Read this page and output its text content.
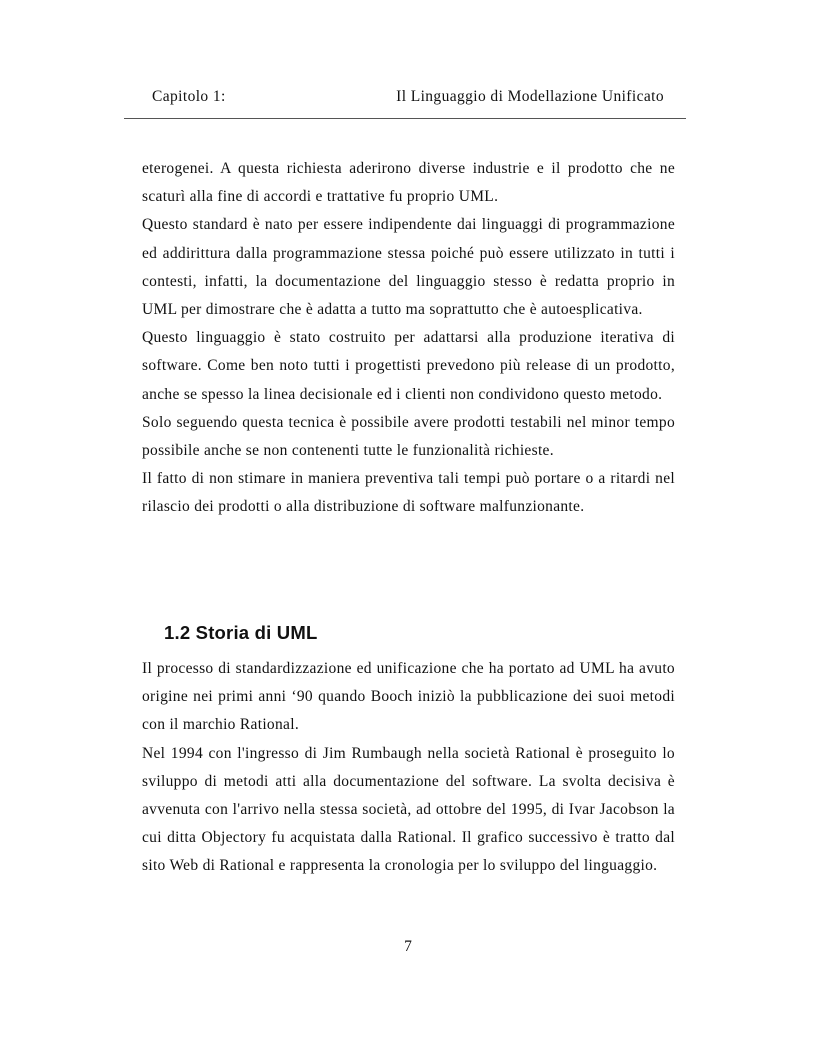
Capitolo 1:	Il Linguaggio di Modellazione Unificato

eterogenei. A questa richiesta aderirono diverse industrie e il prodotto che ne scaturì alla fine di accordi e trattative fu proprio UML.

Questo standard è nato per essere indipendente dai linguaggi di programmazione ed addirittura dalla programmazione stessa poiché può essere utilizzato in tutti i contesti, infatti, la documentazione del linguaggio stesso è redatta proprio in UML per dimostrare che è adatta a tutto ma soprattutto che è autoesplicativa.

Questo linguaggio è stato costruito per adattarsi alla produzione iterativa di software. Come ben noto tutti i progettisti prevedono più release di un prodotto, anche se spesso la linea decisionale ed i clienti non condividono questo metodo.

Solo seguendo questa tecnica è possibile avere prodotti testabili nel minor tempo possibile anche se non contenenti tutte le funzionalità richieste.

Il fatto di non stimare in maniera preventiva tali tempi può portare o a ritardi nel rilascio dei prodotti o alla distribuzione di software malfunzionante.

1.2 Storia di UML

Il processo di standardizzazione ed unificazione che ha portato ad UML ha avuto origine nei primi anni ‘90 quando Booch iniziò la pubblicazione dei suoi metodi con il marchio Rational.

Nel 1994 con l'ingresso di Jim Rumbaugh nella società Rational è proseguito lo sviluppo di metodi atti alla documentazione del software. La svolta decisiva è avvenuta con l'arrivo nella stessa società, ad ottobre del 1995, di Ivar Jacobson la cui ditta Objectory fu acquistata dalla Rational. Il grafico successivo è tratto dal sito Web di Rational e rappresenta la cronologia per lo sviluppo del linguaggio.

7
